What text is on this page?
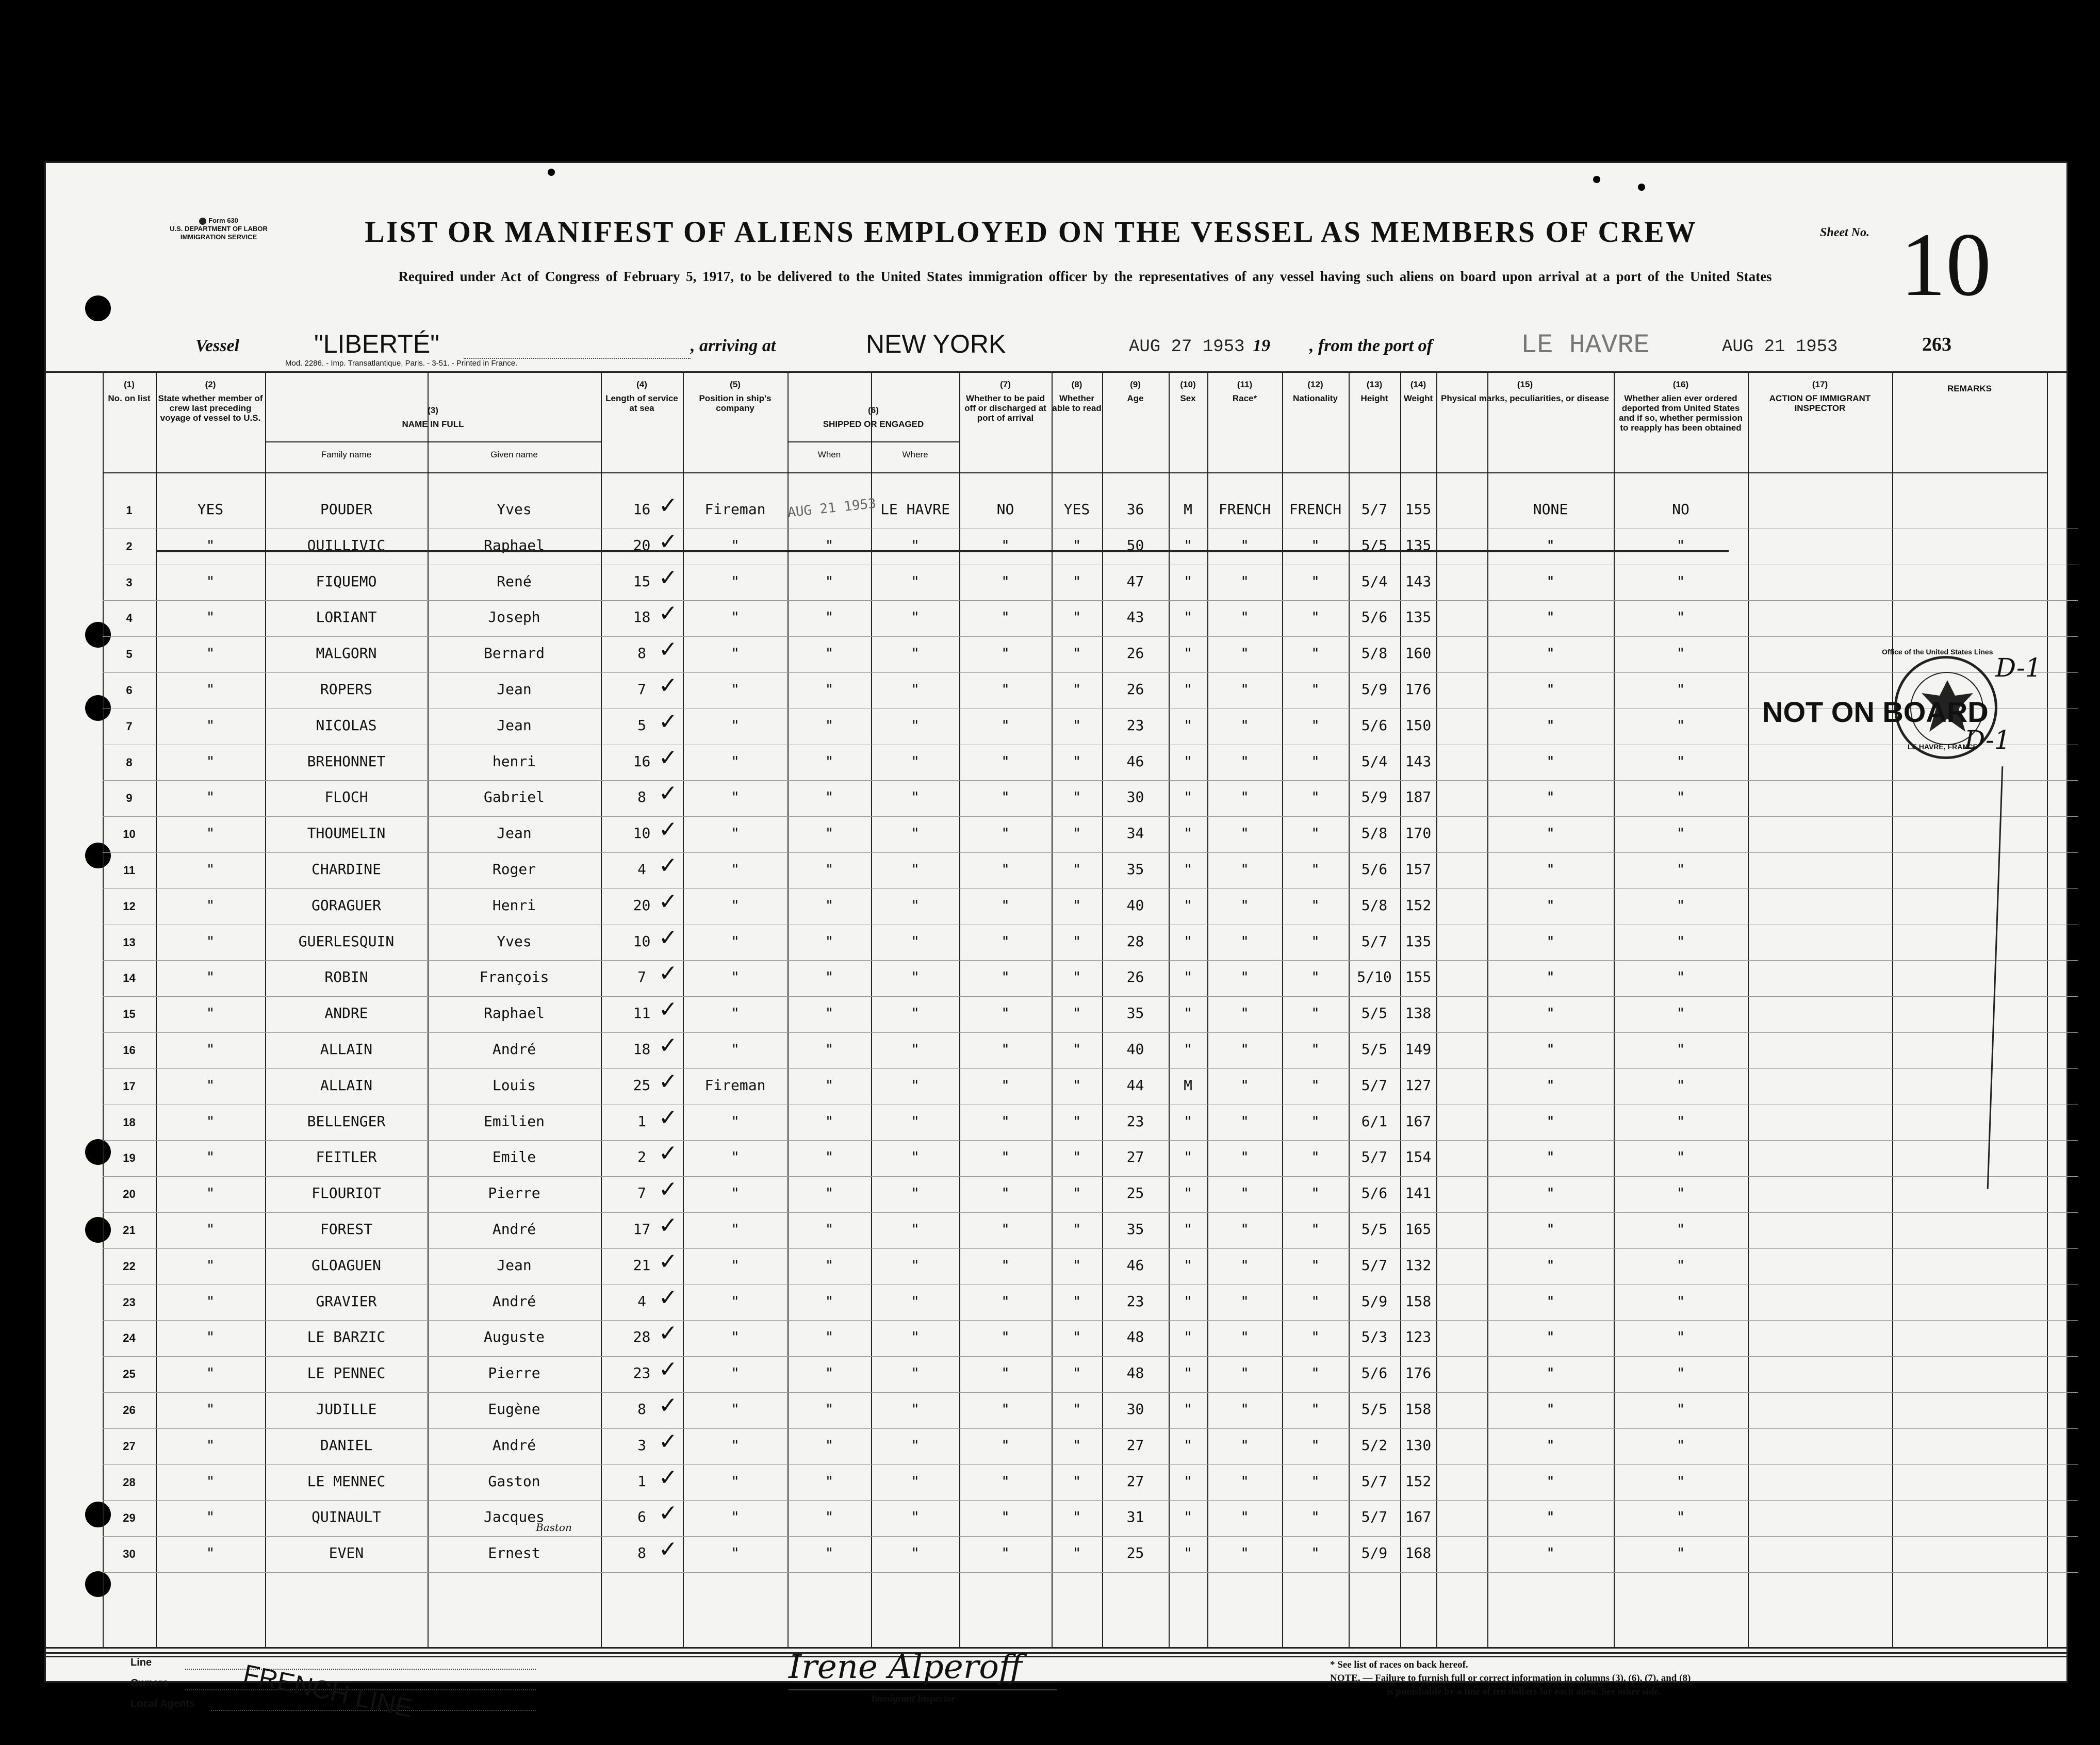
Form 630
U.S. DEPARTMENT OF LABOR
IMMIGRATION SERVICE	LIST OR MANIFEST OF ALIENS EMPLOYED ON THE VESSEL AS MEMBERS OF CREW
Required under Act of Congress of February 5, 1917, to be delivered to the United States immigration officer by the representatives of any vessel having such aliens on board upon arrival at a port of the United States
Sheet No. 10
263
Vessel	"LIBERTÉ"	, arriving at	NEW YORK	AUG 27 1953 19 , from the port of	LE HAVRE	AUG 21 1953
Mod. 2286. - Imp. Transatlantique, Paris. - 3-51. - Printed in France.
(1)
No. on list
(2)
State whether member of crew last preceding voyage of vessel to U.S.
(3)
NAME IN FULL
Family name	Given name
(4)
Length of service at sea
(5)
Position in ship's company	(6)
SHIPPED OR ENGAGED
When	Where
(7)
Whether to be paid off or discharged at port of arrival
(8)
Whether able to read
(9)
Age
(10)
Sex
(11)
Race*
(12)
Nationality
(13)
Height
(14)
Weight
(15)
Physical marks, peculiarities, or disease
(16)
Whether alien ever ordered deported from United States and if so, whether permission to reapply has been obtained
(17)
ACTION OF IMMIGRANT INSPECTOR
REMARKS
1	YES	POUDER	Yves	16	Fireman	AUG 21 1953 LE HAVRE	NO	YES	36	M	FRENCH	FRENCH	5/7	155	NONE	NO
✓
2	"	QUILLIVIC	Raphael	20	"	"	"	"	"	50	"	"	"	5/5	135	"	"
✓
3	"	FIQUEMO	René	15	"	"	"	"	"	47	"	"	"	5/4	143	"	"
✓
4	"	LORIANT	Joseph	18	"	"	"	"	"	43	"	"	"	5/6	135	"	"
✓
5	"	MALGORN	Bernard	8	"	"	"	"	"	26	"	"	"	5/8	160	"	"
✓
6	"	ROPERS	Jean	7	"	"	"	"	"	26	"	"	"	5/9	176	"	"
✓
7	"	NICOLAS	Jean	5	"	"	"	"	"	23	"	"	"	5/6	150	"	"
✓
8	"	BREHONNET	henri	16	"	"	"	"	"	46	"	"	"	5/4	143	"	"
✓
9	"	FLOCH	Gabriel	8	"	"	"	"	"	30	"	"	"	5/9	187	"	"
✓
10	"	THOUMELIN	Jean	10	"	"	"	"	"	34	"	"	"	5/8	170	"	"
✓
11	"	CHARDINE	Roger	4	"	"	"	"	"	35	"	"	"	5/6	157	"	"
✓
12	"	GORAGUER	Henri	20	"	"	"	"	"	40	"	"	"	5/8	152	"	"
✓
13	"	GUERLESQUIN	Yves	10	"	"	"	"	"	28	"	"	"	5/7	135	"	"
✓
14	"	ROBIN	François	7	"	"	"	"	"	26	"	"	"	5/10 155	"	"
✓
15	"	ANDRE	Raphael	11	"	"	"	"	"	35	"	"	"	5/5	138	"	"
✓
16	"	ALLAIN	André	18	"	"	"	"	"	40	"	"	"	5/5	149	"	"
✓
17	"	ALLAIN	Louis	25	Fireman	"	"	"	"	44	M	"	"	5/7	127	"	"
✓
18	"	BELLENGER	Emilien	1	"	"	"	"	"	23	"	"	"	6/1	167	"	"
✓
19	"	FEITLER	Emile	2	"	"	"	"	"	27	"	"	"	5/7	154	"	"
✓
20	"	FLOURIOT	Pierre	7	"	"	"	"	"	25	"	"	"	5/6	141	"	"
✓
21	"	FOREST	André	17	"	"	"	"	"	35	"	"	"	5/5	165	"	"
✓
22	"	GLOAGUEN	Jean	21	"	"	"	"	"	46	"	"	"	5/7	132	"	"
✓
23	"	GRAVIER	André	4	"	"	"	"	"	23	"	"	"	5/9	158	"	"
✓
24	"	LE BARZIC	Auguste	28	"	"	"	"	"	48	"	"	"	5/3	123	"	"
✓
25	"	LE PENNEC	Pierre	23	"	"	"	"	"	48	"	"	"	5/6	176	"	"
✓
26	"	JUDILLE	Eugène	8	"	"	"	"	"	30	"	"	"	5/5	158	"	"
✓
27	"	DANIEL	André	3	"	"	"	"	"	27	"	"	"	5/2	130	"	"
✓
28	"	LE MENNEC	Gaston	1	"	"	"	"	"	27	"	"	"	5/7	152	"	"
✓
29	"	QUINAULT	Jacques	6	"	"	"	"	"	31	"	"	"	5/7	167	"	"
✓
30	"	EVEN	Ernest	8	"	"	"	"	"	25	"	"	"	5/9	168	"	"
✓
Line
Owners
Local Agents FRENCH LINE	Irene Alperoff
Immigrant Inspector
* See list of races on back hereof.
NOTE. — Failure to furnish full or correct information in columns (3), (6), (7), and (8)
is punishable by a fine of ten dollars for each alien. See other side.
NOT ON BOARD
D-1
D-1
Office of the United States Lines
LE HAVRE, FRANCE
Baston
